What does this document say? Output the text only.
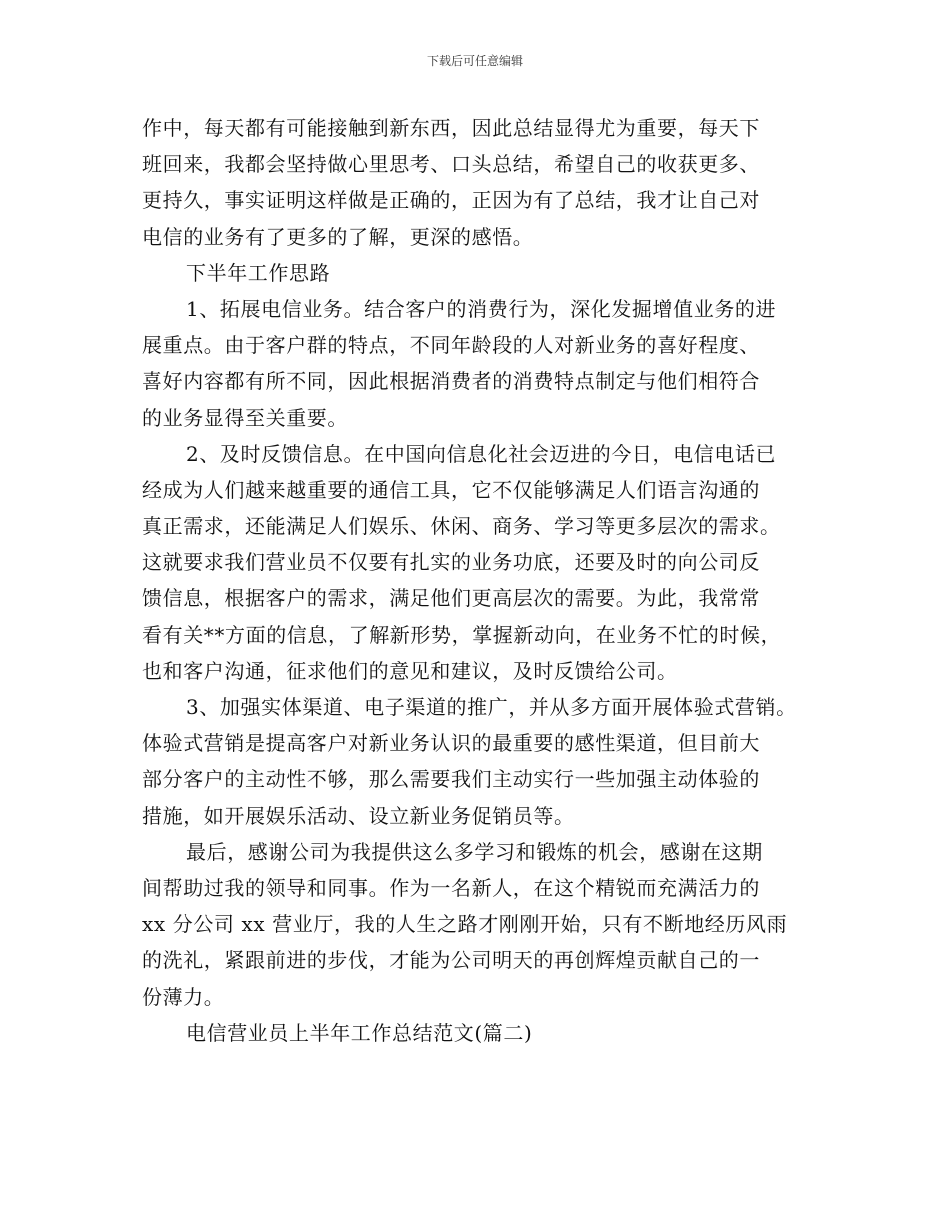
下载后可任意编辑
作中，每天都有可能接触到新东西，因此总结显得尤为重要，每天下
班回来，我都会坚持做心里思考、口头总结，希望自己的收获更多、
更持久，事实证明这样做是正确的，正因为有了总结，我才让自己对
电信的业务有了更多的了解，更深的感悟。
下半年工作思路
1、拓展电信业务。结合客户的消费行为，深化发掘增值业务的进
展重点。由于客户群的特点，不同年龄段的人对新业务的喜好程度、
喜好内容都有所不同，因此根据消费者的消费特点制定与他们相符合
的业务显得至关重要。
2、及时反馈信息。在中国向信息化社会迈进的今日，电信电话已
经成为人们越来越重要的通信工具，它不仅能够满足人们语言沟通的
真正需求，还能满足人们娱乐、休闲、商务、学习等更多层次的需求。
这就要求我们营业员不仅要有扎实的业务功底，还要及时的向公司反
馈信息，根据客户的需求，满足他们更高层次的需要。为此，我常常
看有关**方面的信息，了解新形势，掌握新动向，在业务不忙的时候，
也和客户沟通，征求他们的意见和建议，及时反馈给公司。
3、加强实体渠道、电子渠道的推广，并从多方面开展体验式营销。
体验式营销是提高客户对新业务认识的最重要的感性渠道，但目前大
部分客户的主动性不够，那么需要我们主动实行一些加强主动体验的
措施，如开展娱乐活动、设立新业务促销员等。
最后，感谢公司为我提供这么多学习和锻炼的机会，感谢在这期
间帮助过我的领导和同事。作为一名新人，在这个精锐而充满活力的
xx 分公司 xx 营业厅，我的人生之路才刚刚开始，只有不断地经历风雨
的洗礼，紧跟前进的步伐，才能为公司明天的再创辉煌贡献自己的一
份薄力。
电信营业员上半年工作总结范文(篇二)
